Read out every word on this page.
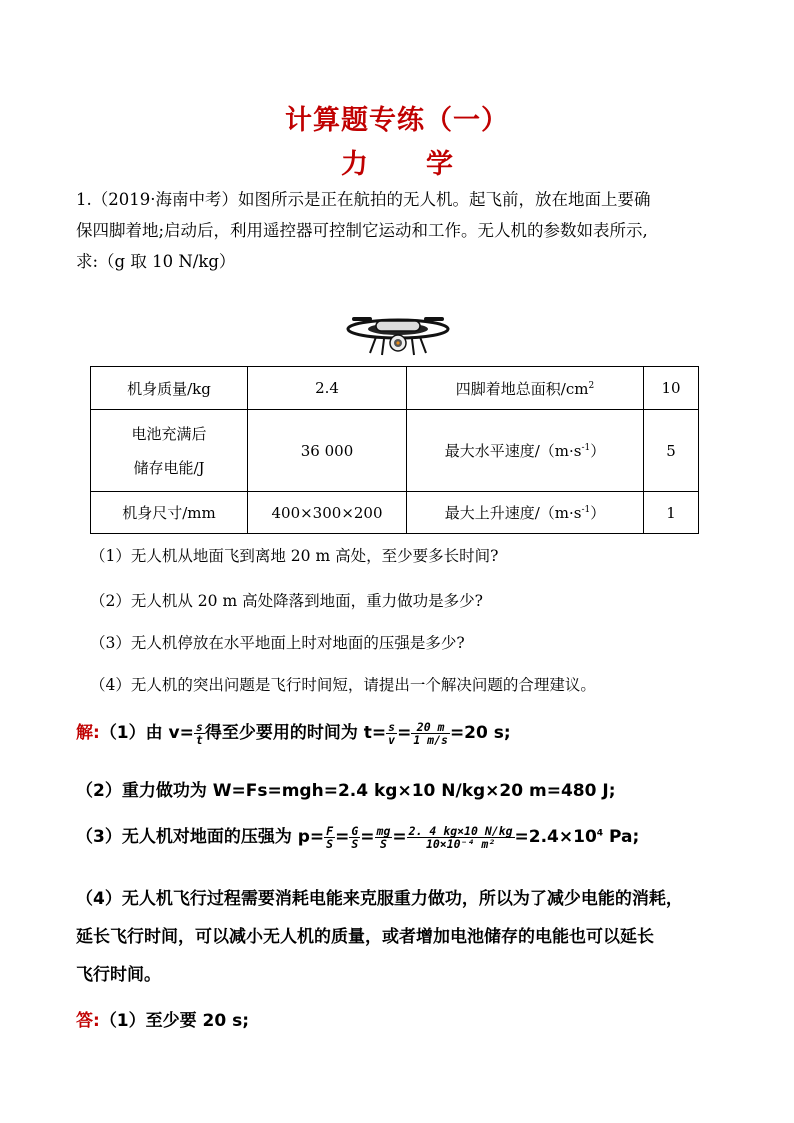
计算题专练（一）
力 学
1.（2019·海南中考）如图所示是正在航拍的无人机。起飞前，放在地面上要确
保四脚着地;启动后，利用遥控器可控制它运动和工作。无人机的参数如表所示,
求:（g 取 10 N/kg）
机身质量/kg	2.4	四脚着地总面积$/cm^2$	10

电池充满后
储存电能/J	36 000	最大水平速度$/(m\cdot s^{-1})$	5
机身尺寸/mm	400×300×200	最大上升速度$/(m\cdot s^{-1})$	1
（1）无人机从地面飞到离地 20 m 高处，至少要多长时间?
（2）无人机从 20 m 高处降落到地面，重力做功是多少?
（3）无人机停放在水平地面上时对地面的压强是多少?
（4）无人机的突出问题是飞行时间短，请提出一个解决问题的合理建议。
解:（1）由 $v= \frac{s}{t}$ 得至少要用的时间为 $t= \frac{s}{v} = \frac{20 m}{1 m/s} =20$ s;
（2）重力做功为 W=Fs=mgh=2.4 kg×10 N/kg×20 m=480 J;
（3）无人机对地面的压强为 $p= \frac{F}{S} = \frac{G}{S} = \frac{mg}{S} = \frac{2. 4 kg\times 10 N/kg}{\text{10×10⁻⁴ m²}} =2.4\times 10^4$ Pa;
（4）无人机飞行过程需要消耗电能来克服重力做功，所以为了减少电能的消耗，
延长飞行时间，可以减小无人机的质量，或者增加电池储存的电能也可以延长
飞行时间。
答:（1）至少要 20 s;
